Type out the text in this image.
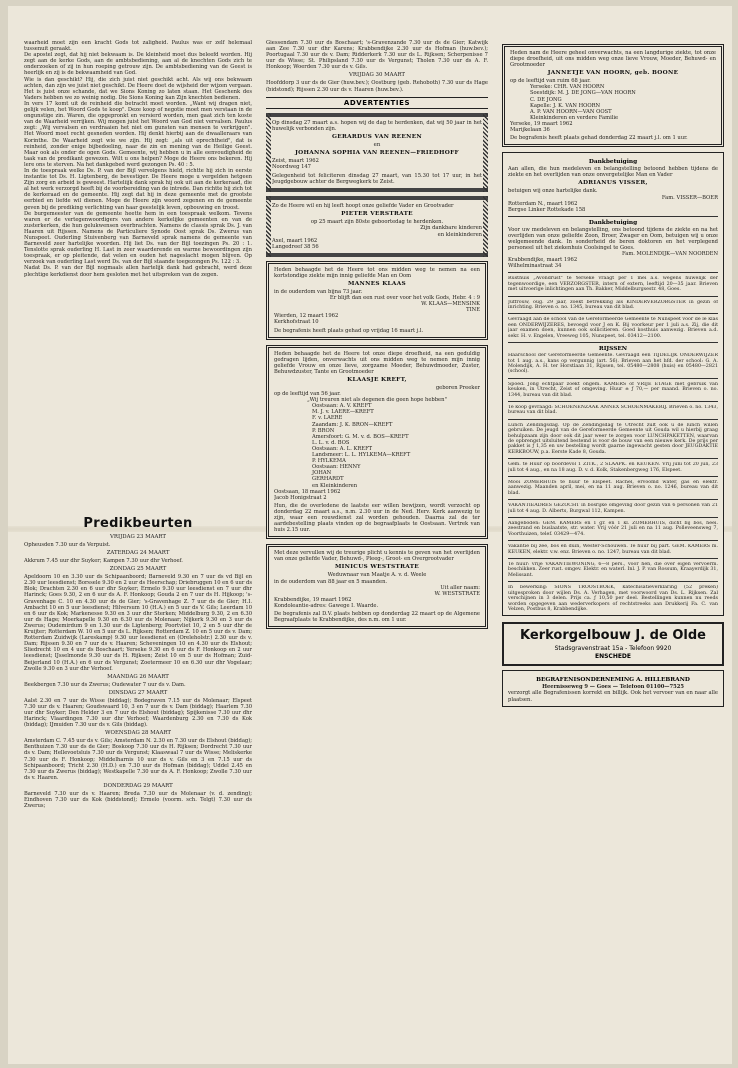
waarheid moet zijn een kracht Gods tot zaligheid. Paulus was er zelf helemaal tussenuit geraakt.
De apostel zegt, dat hij niet bekwaam is. De kleinheid moet dus beleefd worden. Hij zegt aan de kerke Gods, aan de ambtsbediening, aan al de knechten Gods zich te onderzoeken of zij in hun roeping getrouw zijn. De ambtsbediening van de Geest is heerlijk en zij is de bekwaamheid van God.
Wie is dan geschikt? Hij, die zich juist niet geschikt acht. Als wij ons bekwaam achten, dan zijn we juist niet geschikt. De Heere doet de wijsheid der wijzen vergaan. Het is juist onze schande, dat we Sions Koning zo laten staan. Het Geschenk des Vaders hebben we zo weinig nodig. Die Sions Koning kan Zijn knechten bedienen.
In vers 17 komt uit de reinheid die betracht moet worden. „Want wij dragen niet, gelijk velen, het Woord Gods te koop". Deze koop of negotie moet men verstaan in de ongunstige zin. Waren, die opgepronkt en versierd worden, men gaat zich ten koste van de Waarheid verrijken. Wij mogen juist het Woord van God niet vervalsen. Paulus zegt: „Wij vervalsen en verdraaien het niet om gunsten van mensen te verkrijgen". Het Woord moet recht gesneden worden. Hij denkt hierbij aan de dwaalleraars van Korinthe. De Waarheid zegt wie we zijn. Hij zegt: „als uit oprechtheid", dat is reinheid, zonder enige bijbedoeling, naar de zin en mening van de Heilige Geest. Maar ook als onder de ogen Gods. Gemeente, wij hebben u in alle eenvoudigheid de taak van de predikant gewezen. Wilt u ons helpen? Moge de Heere ons bekeren. Hij lere ons te sterven. Na het dankgebed werd gezongen Ps. 40 : 5.
In de toespraak welke Ds. P. van der Bijl vervolgens hield, richtte hij zich in eerste instantie tot Ds. H. Ligtenberg, de bevestiger. De Heere moge u vergelden hetgeen Zijn zorg en arbeid is geweest. Harteliijk dank sprak hij ook uit aan de kerkeraad, die al het werk verzorgd heeft bij de voorbereiding van de intrede. Dan richtte hij zich tot de kerkeraad en de gemeente. Hij zegt dat hij in deze gemeente met de grootste eerbied en liefde wil dienen. Moge de Heere zijn woord zegenen en de gemeente geven bij de prediking verlichting van haar geestelijk leven, opbouwing en troost.
De burgemeester van de gemeente heette hem in een toespraak welkom. Tevens waren er de vertegenwoordigers van andere kerkelijke gemeenten en van de zusterkerken, die hun gelukwensen overbrachten. Namens de classis sprak Ds. J. van Haaren uit Rijssen. Namens de Particuliere Synode Oost sprak Ds. Zwerus van Nunspeet. Ouderling Stuivenberg van Barneveld sprak namens de gemeente van Barneveld zeer hartelijke woorden. Hij liet Ds. van der Bijl toezingen Ps. 20 : 1. Tenslotte sprak ouderling H. Last in zeer waarderende en warme bewoordingen zijn toespraak, er op pleitende, dat velen en ouden het nageslacht mogen blijven. Op verzoek van ouderling Last werd Ds. van der Bijl staande toegezongen Ps. 122 : 3.
Nadat Ds. P. van der Bijl nogmaals allen hartelijk dank had gebracht, werd deze plechtige kerkdienst door hem gesloten met het uitspreken van de zegen.

Predikbeurten
VRIJDAG 23 MAART

Opheusden 7.30 uur ds Verpuist.

ZATERDAG 24 MAART

Akkrum 7.45 uur dhr Suyker; Kampen 7.30 uur dhr Verhoef.

ZONDAG 25 MAART

Apeldoorn 10 en 3.30 uur ds Schipaanboord; Barneveld 9.30 en 7 uur ds vd Bijl en 2.30 uur leesdienst; Borssele 9.30 en 2 uur ds Heerschap; Driebruggen 10 en 6 uur ds Blok; Drachten 2.30 en 6 uur dhr Suyker; Ermelo 9.30 uur leesdienst en 7 uur dhr Harinck; Goes 9.30, 2 en 6 uur ds A. F. Honkoop; Gouda 2 en 7 uur ds H. Hijkoop; 's-Gravenhage C. 10 en 4.30 uur ds de Gier; 's-Gravenhage Z. 7 uur ds de Gier; H.I. Ambacht 10 en 5 uur leesdienst; Hilversum 10 (H.A.) en 5 uur ds V. Gils; Leerdam 10 en 6 uur ds Kok; Markenesse 9.30 en 3 uur dhr Sterken; Middelburg 9.30, 2 en 6.30 uur ds Hage; Moerkapelle 9.30 en 6.30 uur ds Molenaar; Nijkerk 9.30 en 3 uur ds Zwerus; Oudemirdum 9 en 1.30 uur ds Ligtenberg; Poortvliet 10, 2 en 5 uur dhr de Kruijter; Rotterdam W. 10 en 5 uur ds L. Rijksen; Rotterdam Z. 10 en 5 uur ds v. Dam; Rotterdam Zuidwijk (Lareskamp) 9.30 uur leesdienst en (Oreleholstr.) 2.30 uur ds v. Dam; Rijssen 9.30 en 7 uur ds v. Haaren; Scheveningen 10 en 4.30 uur ds Elshout; Sliedrecht 10 en 4 uur ds Boschaart; Yerseke 9.30 en 6 uur ds F. Honkoop en 2 uur leesdienst; IJsselmonde 9.30 uur ds H. Rijksen; Zeist 10 en 5 uur ds Hofman; Zuid-Beijerland 10 (H.A.) en 6 uur ds Vergunst; Zoetermeer 10 en 6.30 uur dhr Vogelaar; Zwolle 9.30 en 3 uur dhr Verhoef.

MAANDAG 26 MAART

Beekbergen 7.30 uur ds Zwerus; Oudewater 7 uur ds v. Dam.

DINSDAG 27 MAART

Aalst 2.30 en 7 uur ds Wisse (biddag); Bodegraven 7.15 uur ds Molenaar; Elspeet 7.30 uur ds v. Haaren; Goudswaard 10, 3 en 7 uur ds v. Dam (biddag); Haarlem 7.30 uur dhr Suyker; Den Helder 3 en 7 uur ds Elshout (biddag); Spijkenisse 7.30 uur dhr Harinck; Vlaardingen 7.30 uur dhr Verhoef; Waardenburg 2.30 en 7.30 ds Kok (biddag); IJmuiden 7.30 uur ds v. Gils (biddag).

WOENSDAG 28 MAART

Amsterdam C. 7.45 uur ds v. Gils; Amsterdam N. 2.30 en 7.30 uur ds Elshout (biddag); Benthuizen 7.30 uur ds de Gier; Boskoop 7.30 uur ds H. Rijksen; Dordrecht 7.30 uur ds v. Dam; Hellevoetsluis 7.30 uur ds Vergunst; Klaaswaal 7 uur ds Wisse; Meliskerke 7.30 uur ds F. Honkoop; Middelharnis 10 uur ds v. Gils en 3 en 7.15 uur ds Schipaanboord; Tricht 2.30 (H.D.) en 7.30 uur ds Hofman (biddag); Uddel 2.45 en 7.30 uur ds Zwerus (biddag); Westkapelle 7.30 uur ds A. F. Honkoop; Zwolle 7.30 uur ds v. Haaren.

DONDERDAG 29 MAART

Barneveld 7.30 uur ds v. Haaren; Breda 7.30 uur ds Molenaar (v. d. zending); Eindhoven 7.30 uur ds Kok (biddstond); Ermelo (voorm. sch. Telgt) 7.30 uur ds Zwerus;

Giessendam 7.30 uur ds Boschaart; 's-Gravenzande 7.30 uur ds de Gier; Katwijk aan Zee 7.30 uur dhr Karens; Krabbendijke 2.30 uur ds Hofman (huw.bev.); Poortugaal 7.30 uur ds v. Dam; Ridderkerk 7.30 uur ds L. Rijksen; Scherpenisse 7 uur ds Wisse; St. Philipsland 7.30 uur ds Vergunst; Tholen 7.30 uur ds A. F. Honkoop; Woerden 7.30 uur ds v. Gils.

VRIJDAG 30 MAART

Hoofddorp 3 uur ds de Gier (huw.bev.); Oostburg (geb. Rehoboth) 7.30 uur ds Hage (bidstond); Rijssen 2.30 uur ds v. Haaren (huw.bev.).

ADVERTENTIES

Op dinsdag 27 maart a.s. hopen wij de dag te herdenken, dat wij 50 jaar in het huwelijk verbonden zijn.

GERARDUS VAN REENEN
en
JOHANNA SOPHIA VAN REENEN—FRIEDHOFF

Zeist, maart 1962
Noordweg 147

Gelegenheid tot feliciteren dinsdag 27 maart, van 15.30 tot 17 uur, in het Jeugdgebouw achter de Bergwegkerk te Zeist.

Zo de Heere wil en hij leeft hoopt onze geliefde Vader en Grootvader

PIETER VERSTRATE

op 25 maart zijn 80ste geboortedag te herdenken.

Zijn dankbare kinderen
en kleinkinderen

Axel, maart 1962
Langedreef 38 56

Heden behaagde het de Heere tot ons midden weg te nemen na een kortstondige ziekte mijn innig geliefde Man en Oom

MANNES KLAAS

in de ouderdom van bijna 73 jaar.

Er blijft dan een rust over voor het volk Gods, Hebr. 4 : 9

W. KLAAS—MENSINK
TINE

Wierden, 12 maart 1962
Kerkhofstraat 10

De begrafenis heeft plaats gehad op vrijdag 16 maart j.l.

Heden behaagde het de Heere tot onze diepe droefheid, na een geduldig gedragen lijden, onverwachts uit ons midden weg te nemen mijn innig geliefde Vrouw en onze lieve, zorgzame Moeder, Behuwdmoeder, Zuster, Behuwdzuster, Tante en Grootmoeder

KLAASJE KREFT,

geboren Preeker

op de leeftijd van 56 jaar.

„Wij treuren niet als degenen die geen hope hebben"

Oostsaan: A. V. KREFT
M. J. v. LAERE—KREFT
F. v. LAERE
Zaandam: J. K. BRON—KREFT
P. BRON
Amersfoort: G. M. v. d. BOS—KREFT
L. L. v. d. BOS
Oostsaan: A. L. KREFT
Landsmeer: L. L. HYLKEMA—KREFT
P. HYLKEMA
Oostsaan: HENNY
JOHAN
GERHARDT
en Kleinkinderen

Oostsaan, 18 maart 1962
Jacob Honigstraat 2

Hun, die de overledene de laatste eer willen bewijzen, wordt verzocht op donderdag 22 maart a.s., n.m. 2.30 uur in de Ned. Herv. Kerk aanwezig te zijn, waar een rouwdienst zal worden gehouden. Daarna zal de ter aardebestelling plaats vinden op de begraafplaats te Oostsaan. Vertrek van huis 2.15 uur.

Met deze vervullen wij de treurige plicht u kennis te geven van het overlijden van onze geliefde Vader, Behuwd-, Pleeg-, Groot- en Overgrootvader

MINICUS WESTSTRATE

Weduwnaar van Maatje A. v. d. Weele

in de ouderdom van 88 jaar en 5 maanden.

Uit aller naam:
W. WESTSTRATE

Krabbendijke, 19 maart 1962
Kondoleantie-adres: Gawege I. Waarde.

De begrafenis zal D.V. plaats hebben op donderdag 22 maart op de Algemene Begraafplaats te Krabbendijke, des n.m. om 1 uur.

Heden nam de Heere geheel onverwachts, na een langdurige ziekte, tot onze diepe droefheid, uit ons midden weg onze lieve Vrouw, Moeder, Behuwd- en Grootmoeder

JANNETJE VAN HOORN, geb. BOONE

op de leeftijd van ruim 68 jaar.

Yerseke: CHR. VAN HOORN
Soestdijk: M. J. DE JONG—VAN HOORN
C. DE JONG
Kapelle: J. K. VAN HOORN
A. P. VAN HOORN—VAN OOST
Kleinkinderen en verdere Familie

Yerseke, 19 maart 1962
Marijkelaan 36

De begrafenis heeft plaats gehad donderdag 22 maart j.l. om 1 uur.

Dankbetuiging

Aan allen, die hun medeleven en belangstelling betoond hebben tijdens de ziekte en het overlijden van onze onvergetelijke Man en Vader

ADRIANUS VISSER,

betuigen wij onze hartelijke dank.

Fam. VISSER—BOER

Rotterdam N., maart 1962
Bergse Linker Rottekade 158

Dankbetuiging

Voor uw medeleven en belangstelling, ons betoond tijdens de ziekte en na het overlijden van onze geliefde Zoon, Broer, Zwager en Oom, betuigen wij u onze welgemeende dank. In sonderheid de beren doktoren en het verplegend personeel uit het ziekenhuis Coolsingel te Goes.

Fam. MOLENDIJK—VAN NOORDEN

Krabbendijke, maart 1962
Wilhelminastraat 34

Rusthuis „Avondrust" te Yerseke vraagt per 1 mei a.s. wegens huwelijk der tegenwoordige, een VERZORGSTER, intern of extern, leeftijd 20—35 jaar. Brieven met uitvoerige inlichtingen aan Th. Bakker, Middelburgsestr. 48, Goes.

Juffrouw, oug. 29 jaar, zoekt betrekking als KINDERVERZORGSTER in gezin of inrichting. Brieven o. no. 1345, bureau van dit blad.

Gevraagd aan de school van de Gereformeerde Gemeente te Nunspeet voor de le klas een ONDERWIJZERES, bevoegd voor J en K. Bij voorkeur per 1 juli a.s. Zij, die dit jaar examen doen, kunnen ook sollicitieren. Goed kosthuis aanwezig. Brieven a.d. sekr. H. v. Engelen, Vreeweg 105, Nunspeet, tel. 03412—2100.

RIJSSEN

Haarschool der Gereformeerde Gemeente. Gevraagd een TIJDELIJK ONDERWIJZER tot 1 aug. a.s., kans op vergunnig (art. 56). Brieven aan het hfd. der school: G. A. Molendijk, A. H. ter Horstlaan 31, Rijssen, tel. 05480—2808 (huis) en 05480—2821 (school).

Spoed. Jong echtpaar zoekt ongem. KAMERS of VRIJE ETAGE met gebruik van keuken, in Utrecht, Zeist of omgeving. Huur ± ƒ 70,— per maand. Brieven o. no. 1344, bureau van dit blad.

Te koop gevraagd: SCHOENENZAAK ANNEX SCHOENMAKERIJ. Brieven o. no. 1343, bureau van dit blad.

Lunch Zendingsdag. Op de Zendingsdag te Utrecht zult ook u de lunch willen gebruiken. De jeugd van de Gereformeerde Gemeente uit Gouda wil u hierbij graag behulpzaam zijn door ook dit jaar weer te zorgen voor LUNCHPAKETTEN, waarvan de opbrengst uitsluitend bestemd is voor de bouw van een nieuwe kerk. De prijs per pakket is ƒ 1,35 en uw bestelling wordt gaarne ingewacht gesten door JEUGDAKTIE KERKBOUW, p.a. Eerste Kade 8, Gouda.

Gem. te Huur op boordevol 1 ZITK., 2 SLAAPK. en KEUKEN. Vrij juni tot 20 juli, 23 juli tot 4 aug., en na 18 aug. D. v. d. Kolk, Stakenbergweg 176, Elspeet.

Mooi ZOMERHUIS te huur te Elspeet. Rachel, ervoomd water, gas en elektr. aanwezig. Maanden april, mei, en na 11 aug. Brieven o. no. 1246, bureau van dit blad.

VAKANTIEADRES GEZOCHT in bosrijke omgeving door gezin van 6 personen van 21 juli tot 4 aug. D. Alberts, Burgwal 112, Kampen.

Aangeboden: GEM. KAMERS en 1 gr. en 1 kl. ZOMERHUIS, dicht bij bos, heei. zeestrand en buslaatste, str. water. Vrij vóór 21 juli en na 11 aug. Polleveensweg 7, Voorthuizen, telef. 03429—474.

Vakantie bij zee, bos en duin, Wester-Schouwen. Te huur bij part. GEM. KAMERS m. KEUKEN, elektr. v.w. enz. Brieven o. no. 1247, bureau van dit blad.

Te huur: vrije VAKANTIEWONING, 6—8 pers., voor hen, die over eigen vervoerm. beschikken. Zeer rust. omgev. Elektr. en waterl. Inl. J. P. van Rossum, Kraayerdijk 31, Melissant.

In bewerking: SIONS TROOSTBOEK, katechisatieverklaring (52 preken) uitgesproken door wijlen Ds. A. Verhagen, met voorwoord van Ds. L. Rijksen. Zal verschijnen in 3 delen. Prijs ca. ƒ 10,50 per deel. Bestellingen kunnen nu reeds worden opgegeven aan wederverkopers of rechtstreeks aan Drukkerij Fa. C. van Velzen, Postbus 8, Krabbendijke.

Kerkorgelbouw J. de Olde
Stadsgravenstraat 15a - Telefoon 9920
ENSCHEDE
BEGRAFENISONDERNEMING A. HILLEBRAND

Heernisseweg 9 — Goes — Telefoon 01100—7525

verzorgt alle Begrafenissen korrekt en billijk. Ook het vervoer van en naar alle plaatsen.
